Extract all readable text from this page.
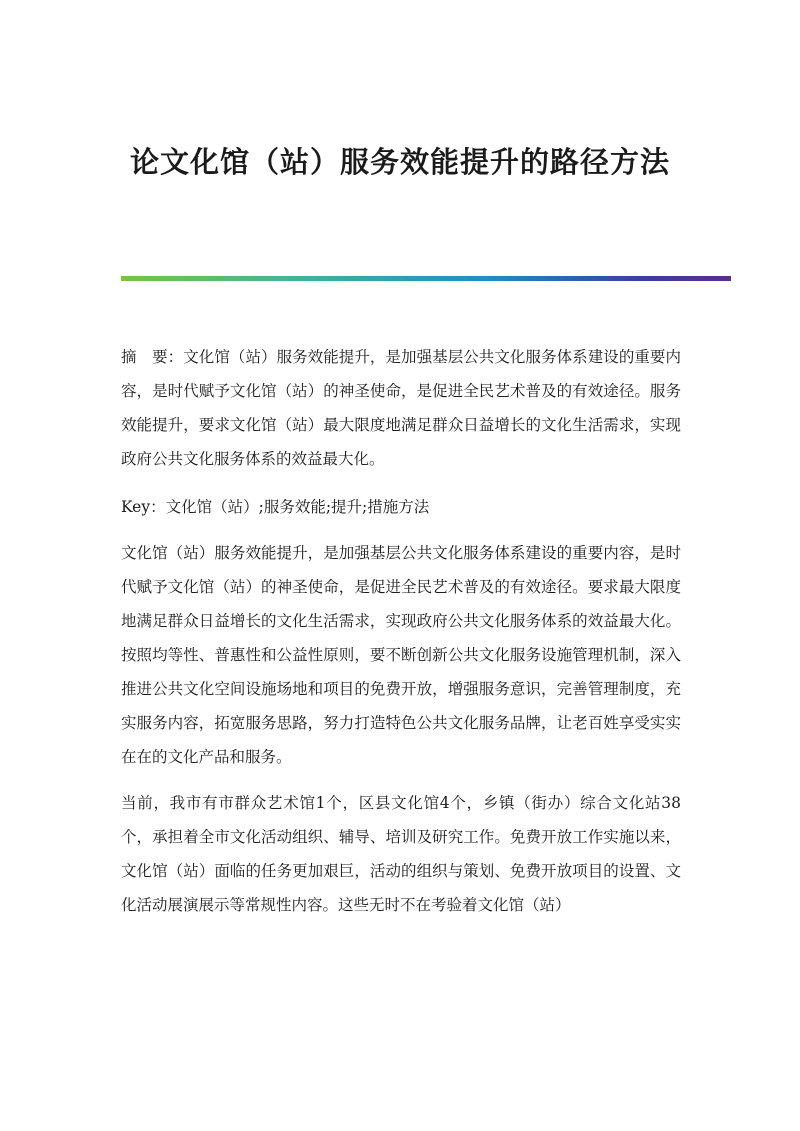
论文化馆（站）服务效能提升的路径方法

摘　要：文化馆（站）服务效能提升，是加强基层公共文化服务体系建设的重要内容，是时代赋予文化馆（站）的神圣使命，是促进全民艺术普及的有效途径。服务效能提升，要求文化馆（站）最大限度地满足群众日益增长的文化生活需求，实现政府公共文化服务体系的效益最大化。

Key：文化馆（站）;服务效能;提升;措施方法

文化馆（站）服务效能提升，是加强基层公共文化服务体系建设的重要内容，是时代赋予文化馆（站）的神圣使命，是促进全民艺术普及的有效途径。要求最大限度地满足群众日益增长的文化生活需求，实现政府公共文化服务体系的效益最大化。按照均等性、普惠性和公益性原则，要不断创新公共文化服务设施管理机制，深入推进公共文化空间设施场地和项目的免费开放，增强服务意识，完善管理制度，充实服务内容，拓宽服务思路，努力打造特色公共文化服务品牌，让老百姓享受实实在在的文化产品和服务。

当前，我市有市群众艺术馆1个，区县文化馆4个，乡镇（街办）综合文化站38个，承担着全市文化活动组织、辅导、培训及研究工作。免费开放工作实施以来，文化馆（站）面临的任务更加艰巨，活动的组织与策划、免费开放项目的设置、文化活动展演展示等常规性内容。这些无时不在考验着文化馆（站）
